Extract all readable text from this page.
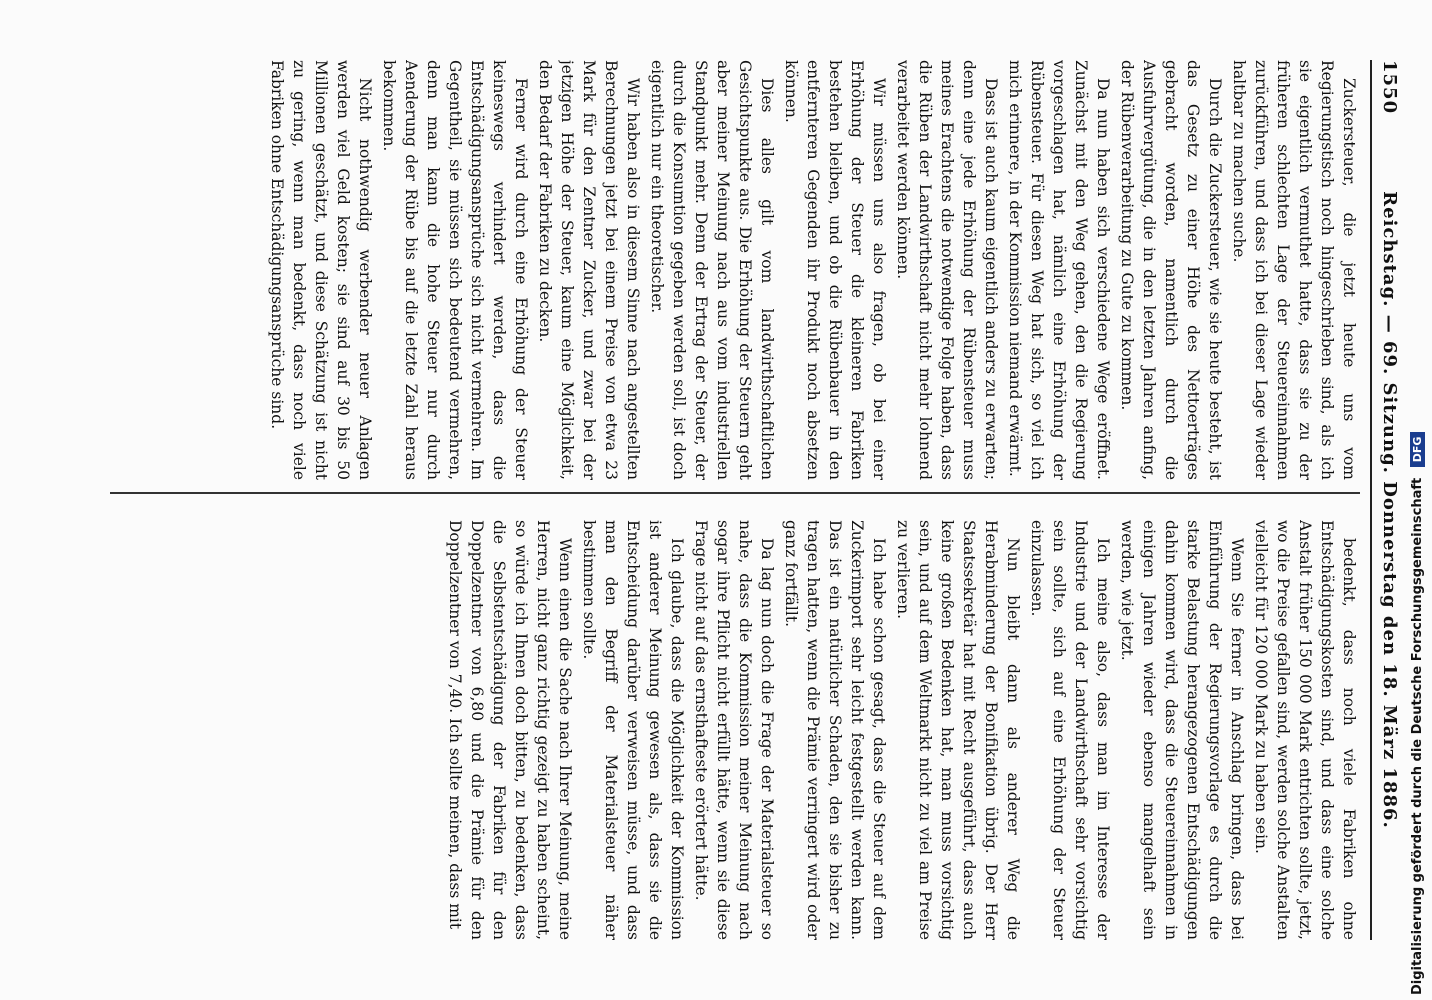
1550
Reichstag. — 69. Sitzung. Donnerstag den 18. März 1886.

Zuckersteuer, die jetzt heute uns vom Regierungstisch noch hingeschrieben sind, als ich sie eigentlich vermuthet hatte, dass sie zu der früheren schlechten Lage der Steuereinnahmen zurückführen, und dass ich bei dieser Lage wieder haltbar zu machen suche.

Durch die Zuckersteuer, wie sie heute besteht, ist das Gesetz zu einer Höhe des Nettoerträges gebracht worden, namentlich durch die Ausfuhrvergütung, die in den letzten Jahren anfing, der Rübenverarbeitung zu Gute zu kommen.

Da nun haben sich verschiedene Wege eröffnet. Zunächst mit den Weg gehen, den die Regierung vorgeschlagen hat, nämlich eine Erhöhung der Rübensteuer. Für diesen Weg hat sich, so viel ich mich erinnere, in der Kommission niemand erwärmt.

Dass ist auch kaum eigentlich anders zu erwarten; denn eine jede Erhöhung der Rübensteuer muss meines Erachtens die notwendige Folge haben, dass die Rüben der Landwirthschaft nicht mehr lohnend verarbeitet werden können.

Wir müssen uns also fragen, ob bei einer Erhöhung der Steuer die kleineren Fabriken bestehen bleiben, und ob die Rübenbauer in den entfernteren Gegenden ihr Produkt noch absetzen können.

Dies alles gilt vom landwirthschaftlichen Gesichtspunkte aus. Die Erhöhung der Steuern geht aber meiner Meinung nach aus vom industriellen Standpunkt mehr. Denn der Ertrag der Steuer, der durch die Konsumtion gegeben werden soll, ist doch eigentlich nur ein theoretischer.

Wir haben also in diesem Sinne nach angestellten Berechnungen jetzt bei einem Preise von etwa 23 Mark für den Zentner Zucker, und zwar bei der jetzigen Höhe der Steuer, kaum eine Möglichkeit, den Bedarf der Fabriken zu decken.

Ferner wird durch eine Erhöhung der Steuer keineswegs verhindert werden, dass die Entschädigungsansprüche sich nicht vermehren. Im Gegentheil, sie müssen sich bedeutend vermehren, denn man kann die hohe Steuer nur durch Aenderung der Rübe bis auf die letzte Zahl heraus bekommen.

Nicht nothwendig werbender neuer Anlagen werden viel Geld kosten; sie sind auf 30 bis 50 Millionen geschätzt, und diese Schätzung ist nicht zu gering, wenn man bedenkt, dass noch viele Fabriken ohne Entschädigungsansprüche sind.

bedenkt, dass noch viele Fabriken ohne Entschädigungskosten sind, und dass eine solche Anstalt früher 150 000 Mark entrichten sollte, jetzt, wo die Preise gefallen sind, werden solche Anstalten vielleicht für 120 000 Mark zu haben sein.

Wenn Sie ferner in Anschlag bringen, dass bei Einführung der Regierungsvorlage es durch die starke Belastung herangezogenen Entschädigungen dahin kommen wird, dass die Steuereinnahmen in einigen Jahren wieder ebenso mangelhaft sein werden, wie jetzt.

Ich meine also, dass man im Interesse der Industrie und der Landwirthschaft sehr vorsichtig sein sollte, sich auf eine Erhöhung der Steuer einzulassen.

Nun bleibt dann als anderer Weg die Herabminderung der Bonifikation übrig. Der Herr Staatssekretär hat mit Recht ausgeführt, dass auch keine großen Bedenken hat, man muss vorsichtig sein, und auf dem Weltmarkt nicht zu viel am Preise zu verlieren.

Ich habe schon gesagt, dass die Steuer auf dem Zuckerimport sehr leicht festgestellt werden kann. Das ist ein natürlicher Schaden, den sie bisher zu tragen hatten, wenn die Prämie verringert wird oder ganz fortfällt.

Da lag nun doch die Frage der Materialsteuer so nahe, dass die Kommission meiner Meinung nach sogar ihre Pflicht nicht erfüllt hätte, wenn sie diese Frage nicht auf das ernsthafteste erörtert hätte.

Ich glaube, dass die Möglichkeit der Kommission ist anderer Meinung gewesen als, dass sie die Entscheidung darüber verweisen müsse, und dass man den Begriff der Materialsteuer näher bestimmen sollte.

Wenn einen die Sache nach Ihrer Meinung, meine Herren, nicht ganz richtig gezeigt zu haben scheint, so würde ich Ihnen doch bitten, zu bedenken, dass die Selbstentschädigung der Fabriken für den Doppelzentner von 6,80 und die Prämie für den Doppelzentner von 7,40. Ich sollte meinen, dass mit	Digitalisierung gefördert durch die Deutsche Forschungsgemeinschaft DFG
